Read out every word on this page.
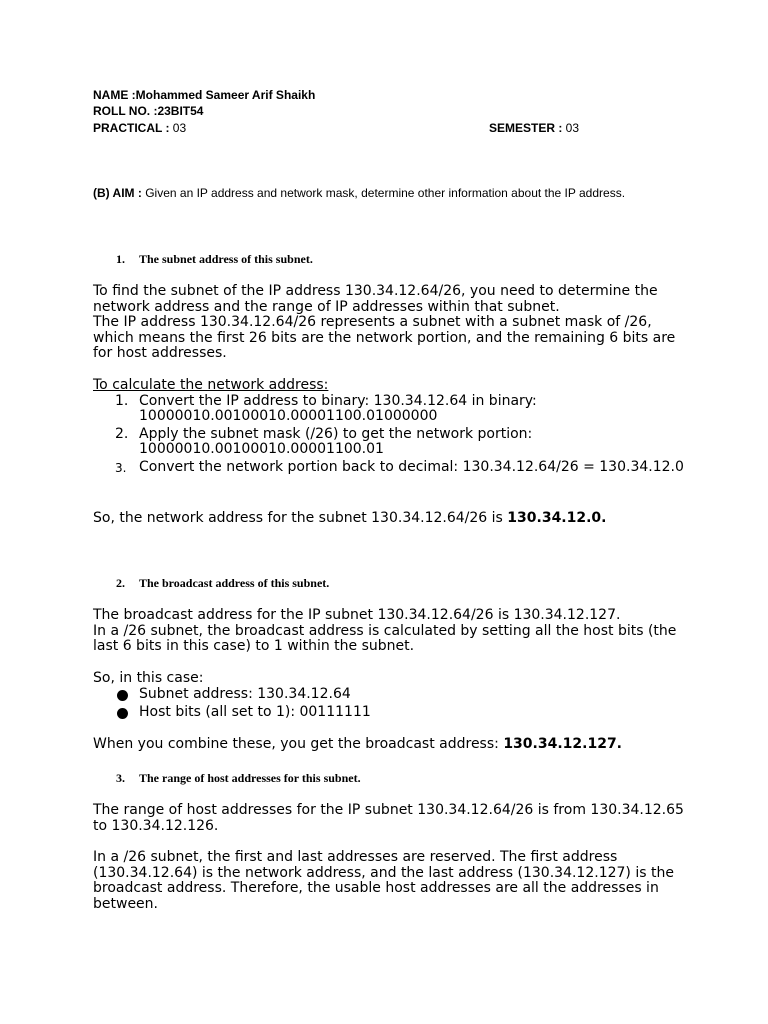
NAME :Mohammed Sameer Arif Shaikh
ROLL NO. :23BIT54
PRACTICAL : 03	SEMESTER : 03
(B) AIM : Given an IP address and network mask, determine other information about the IP address.
1. The subnet address of this subnet.

To find the subnet of the IP address 130.34.12.64/26, you need to determine the network address and the range of IP addresses within that subnet.

The IP address 130.34.12.64/26 represents a subnet with a subnet mask of /26, which means the first 26 bits are the network portion, and the remaining 6 bits are for host addresses.

To calculate the network address:

1. Convert the IP address to binary: 130.34.12.64 in binary: 10000010.00100010.00001100.01000000
2. Apply the subnet mask (/26) to get the network portion: 10000010.00100010.00001100.01
3. Convert the network portion back to decimal: 130.34.12.64/26 = 130.34.12.0
So, the network address for the subnet 130.34.12.64/26 is 130.34.12.0.
2. The broadcast address of this subnet.

The broadcast address for the IP subnet 130.34.12.64/26 is 130.34.12.127.

In a /26 subnet, the broadcast address is calculated by setting all the host bits (the last 6 bits in this case) to 1 within the subnet.

So, in this case:

Subnet address: 130.34.12.64
Host bits (all set to 1): 00111111
When you combine these, you get the broadcast address: 130.34.12.127.
3. The range of host addresses for this subnet.

The range of host addresses for the IP subnet 130.34.12.64/26 is from 130.34.12.65 to 130.34.12.126.

In a /26 subnet, the first and last addresses are reserved. The first address (130.34.12.64) is the network address, and the last address (130.34.12.127) is the broadcast address. Therefore, the usable host addresses are all the addresses in between.
